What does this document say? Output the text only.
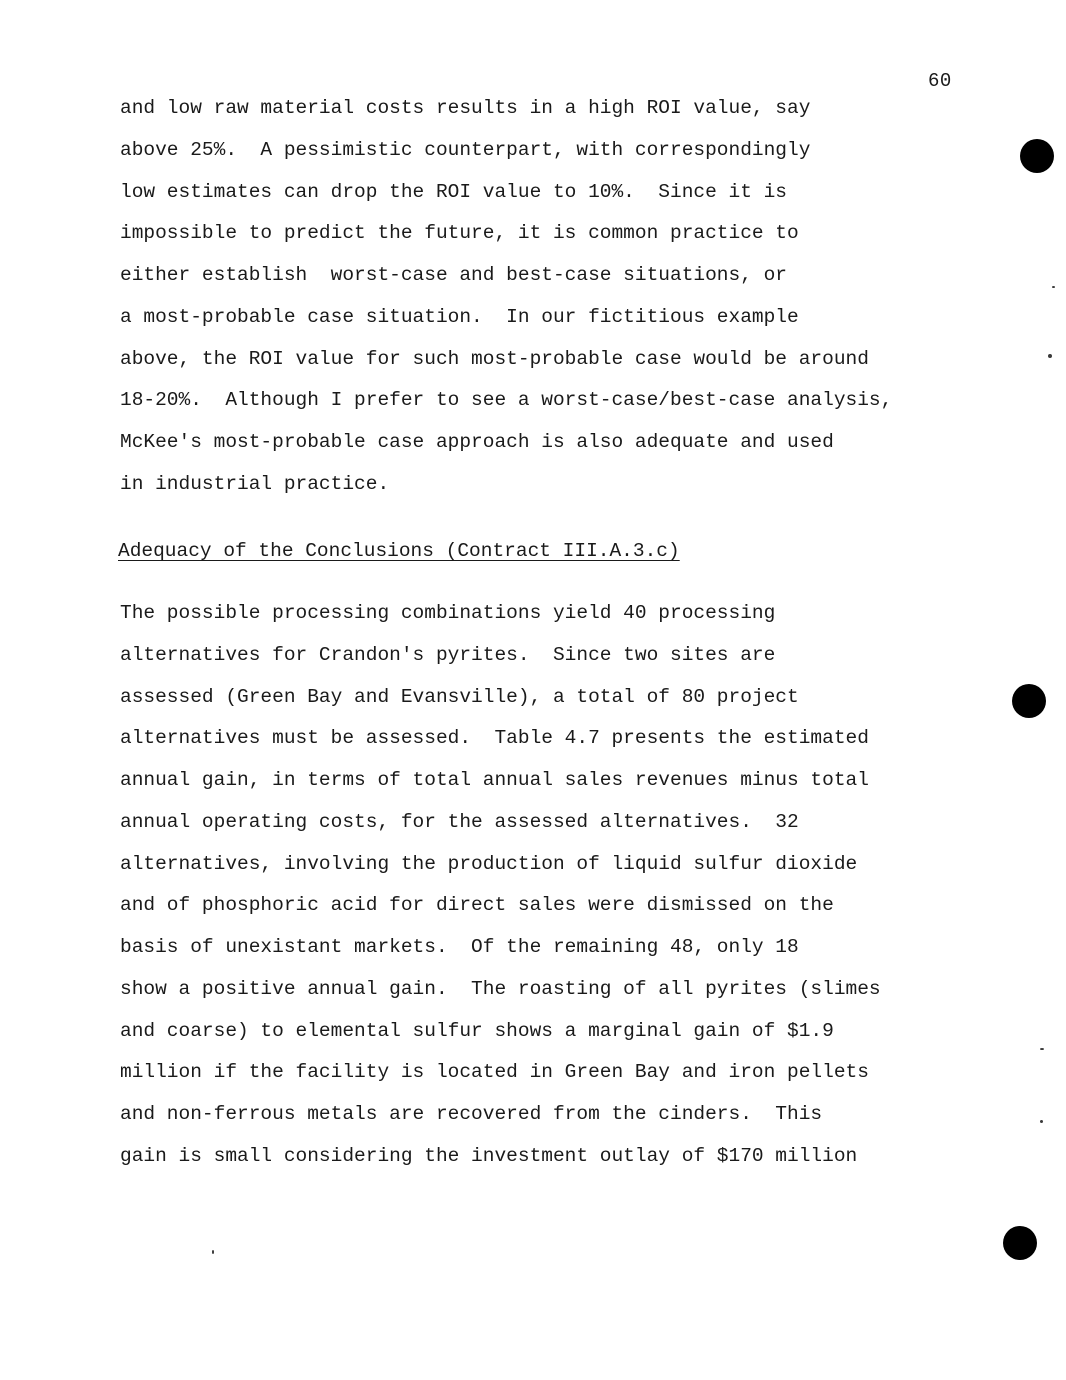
60
and low raw material costs results in a high ROI value, say
above 25%.  A pessimistic counterpart, with correspondingly
low estimates can drop the ROI value to 10%.  Since it is
impossible to predict the future, it is common practice to
either establish  worst-case and best-case situations, or
a most-probable case situation.  In our fictitious example
above, the ROI value for such most-probable case would be around
18-20%.  Although I prefer to see a worst-case/best-case analysis,
McKee's most-probable case approach is also adequate and used
in industrial practice.
Adequacy of the Conclusions (Contract III.A.3.c)
The possible processing combinations yield 40 processing
alternatives for Crandon's pyrites.  Since two sites are
assessed (Green Bay and Evansville), a total of 80 project
alternatives must be assessed.  Table 4.7 presents the estimated
annual gain, in terms of total annual sales revenues minus total
annual operating costs, for the assessed alternatives.  32
alternatives, involving the production of liquid sulfur dioxide
and of phosphoric acid for direct sales were dismissed on the
basis of unexistant markets.  Of the remaining 48, only 18
show a positive annual gain.  The roasting of all pyrites (slimes
and coarse) to elemental sulfur shows a marginal gain of $1.9
million if the facility is located in Green Bay and iron pellets
and non-ferrous metals are recovered from the cinders.  This
gain is small considering the investment outlay of $170 million
